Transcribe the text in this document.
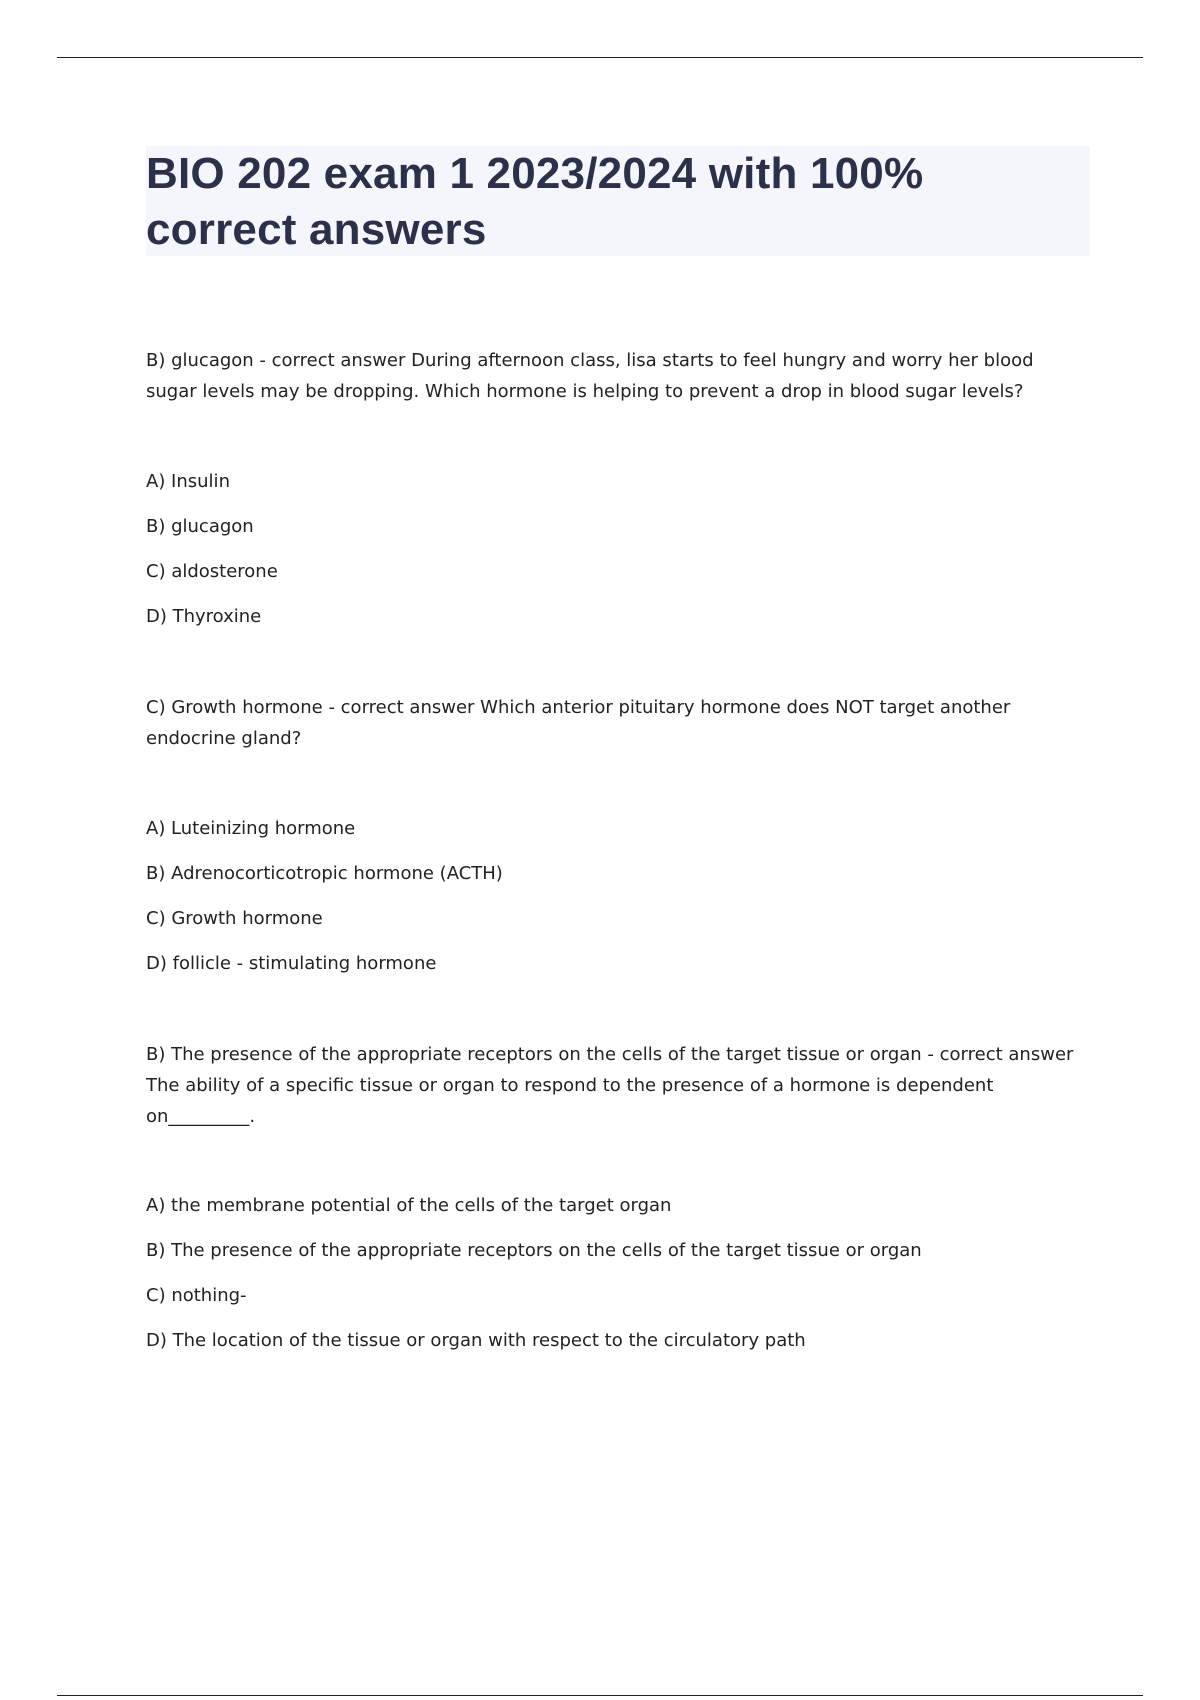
BIO 202 exam 1 2023/2024 with 100% correct answers

B) glucagon - correct answer During afternoon class, lisa starts to feel hungry and worry her blood sugar levels may be dropping. Which hormone is helping to prevent a drop in blood sugar levels?

A) Insulin
B) glucagon
C) aldosterone
D) Thyroxine

C) Growth hormone - correct answer Which anterior pituitary hormone does NOT target another endocrine gland?

A) Luteinizing hormone
B) Adrenocorticotropic hormone (ACTH)
C) Growth hormone
D) follicle - stimulating hormone

B) The presence of the appropriate receptors on the cells of the target tissue or organ - correct answer The ability of a specific tissue or organ to respond to the presence of a hormone is dependent on_________.

A) the membrane potential of the cells of the target organ
B) The presence of the appropriate receptors on the cells of the target tissue or organ
C) nothing-
D) The location of the tissue or organ with respect to the circulatory path
